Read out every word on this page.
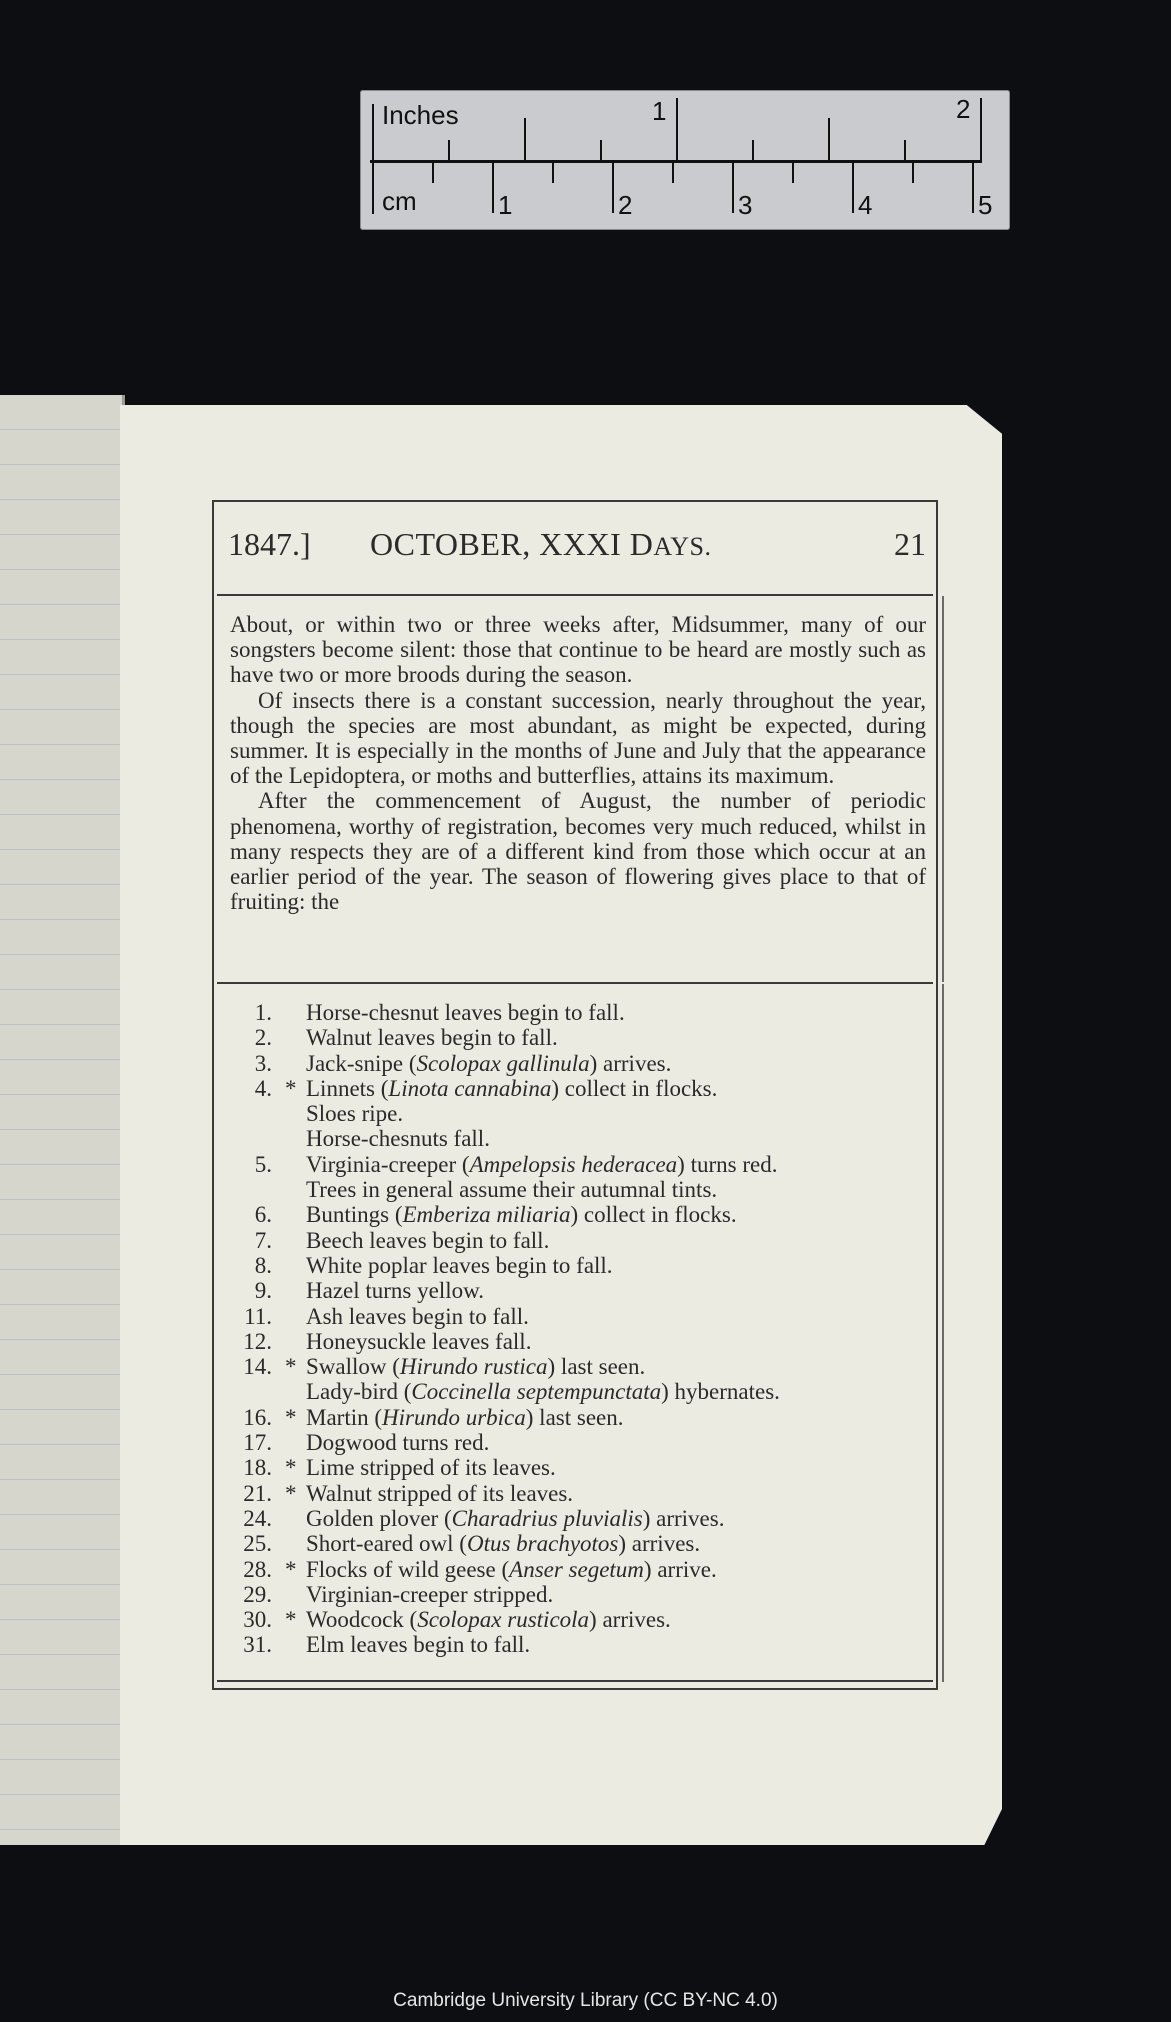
Inches	1	2
cm	1	2	3	4	5
1847.] OCTOBER, XXXI DAYS.	21

About, or within two or three weeks after, Midsummer, many of our songsters become silent: those that continue to be heard are mostly such as have two or more broods during the season.

Of insects there is a constant succession, nearly throughout the year, though the species are most abundant, as might be expected, during summer. It is especially in the months of June and July that the appearance of the Lepidoptera, or moths and butterflies, attains its maximum.

After the commencement of August, the number of periodic phenomena, worthy of registration, becomes very much reduced, whilst in many respects they are of a different kind from those which occur at an earlier period of the year. The season of flowering gives place to that of fruiting: the

1. Horse-chesnut leaves begin to fall.
2. Walnut leaves begin to fall.
3. Jack-snipe (Scolopax gallinula) arrives.
4. * Linnets (Linota cannabina) collect in flocks.
Sloes ripe.
Horse-chesnuts fall.
5. Virginia-creeper (Ampelopsis hederacea) turns red.
Trees in general assume their autumnal tints.
6. Buntings (Emberiza miliaria) collect in flocks.
7. Beech leaves begin to fall.
8. White poplar leaves begin to fall.
9. Hazel turns yellow.
11. Ash leaves begin to fall.
12. Honeysuckle leaves fall.
14. * Swallow (Hirundo rustica) last seen.
Lady-bird (Coccinella septempunctata) hybernates.
16. * Martin (Hirundo urbica) last seen.
17. Dogwood turns red.
18. * Lime stripped of its leaves.
21. * Walnut stripped of its leaves.
24. Golden plover (Charadrius pluvialis) arrives.
25. Short-eared owl (Otus brachyotos) arrives.
28. * Flocks of wild geese (Anser segetum) arrive.
29. Virginian-creeper stripped.
30. * Woodcock (Scolopax rusticola) arrives.
31. Elm leaves begin to fall.
Cambridge University Library (CC BY-NC 4.0)
